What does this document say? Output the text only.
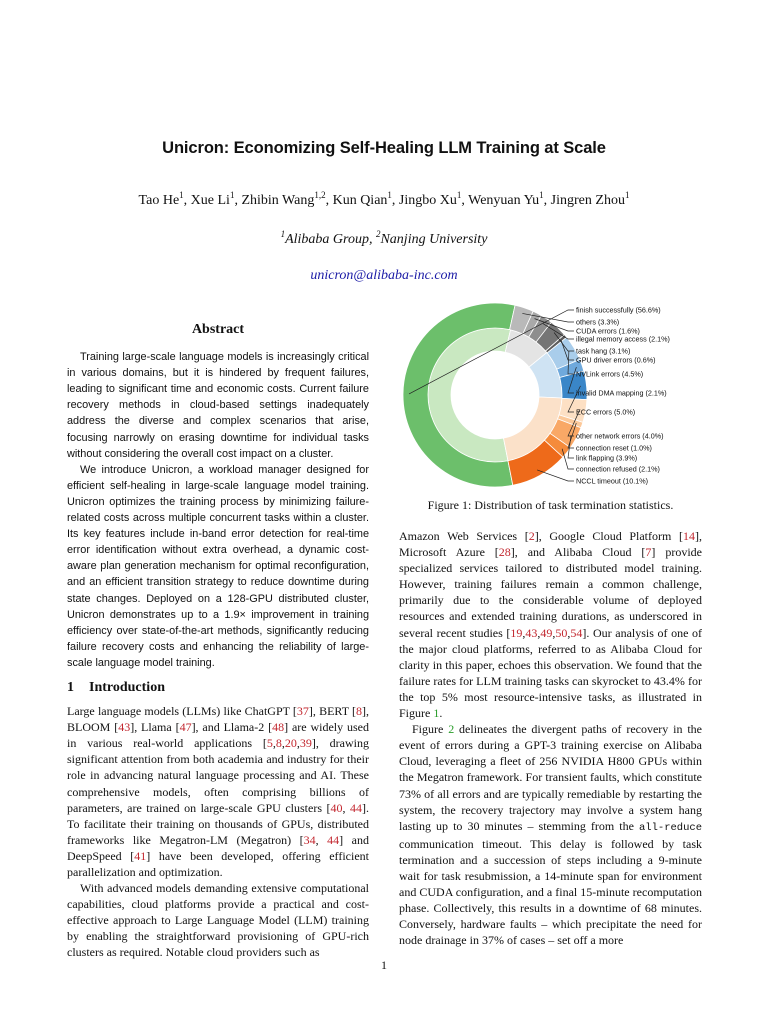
Unicron: Economizing Self-Healing LLM Training at Scale
Tao He$^1$, Xue Li$^1$, Zhibin Wang$^{1,2}$, Kun Qian$^1$, Jingbo Xu$^1$, Wenyuan Yu$^1$, Jingren Zhou$^1$
$^1$Alibaba Group, $^2$Nanjing University
unicron@alibaba-inc.com
Abstract

Training large-scale language models is increasingly critical in various domains, but it is hindered by frequent failures, leading to significant time and economic costs. Current failure recovery methods in cloud-based settings inadequately address the diverse and complex scenarios that arise, focusing narrowly on erasing downtime for individual tasks without considering the overall cost impact on a cluster.

We introduce Unicron, a workload manager designed for efficient self-healing in large-scale language model training. Unicron optimizes the training process by minimizing failure-related costs across multiple concurrent tasks within a cluster. Its key features include in-band error detection for real-time error identification without extra overhead, a dynamic cost-aware plan generation mechanism for optimal reconfiguration, and an efficient transition strategy to reduce downtime during state changes. Deployed on a 128-GPU distributed cluster, Unicron demonstrates up to a 1.9× improvement in training efficiency over state-of-the-art methods, significantly reducing failure recovery costs and enhancing the reliability of large-scale language model training.

1 Introduction

Large language models (LLMs) like ChatGPT [37], BERT [8], BLOOM [43], Llama [47], and Llama-2 [48] are widely used in various real-world applications [5,8,20,39], drawing significant attention from both academia and industry for their role in advancing natural language processing and AI. These comprehensive models, often comprising billions of parameters, are trained on large-scale GPU clusters [40, 44]. To facilitate their training on thousands of GPUs, distributed frameworks like Megatron-LM (Megatron) [34, 44] and DeepSpeed [41] have been developed, offering efficient parallelization and optimization.

With advanced models demanding extensive computational capabilities, cloud platforms provide a practical and cost-effective approach to Large Language Model (LLM) training by enabling the straightforward provisioning of GPU-rich clusters as required. Notable cloud providers such as

finish successfully (56.6%)
others (3.3%)
CUDA errors (1.6%)
illegal memory access (2.1%)
task hang (3.1%)
GPU driver errors (0.6%)
NVLink errors (4.5%)
invalid DMA mapping (2.1%)
ECC errors (5.0%)
other network errors (4.0%)
connection reset (1.0%)
link flapping (3.9%)
connection refused (2.1%)
NCCL timeout (10.1%)
Figure 1: Distribution of task termination statistics.

Amazon Web Services [2], Google Cloud Platform [14], Microsoft Azure [28], and Alibaba Cloud [7] provide specialized services tailored to distributed model training. However, training failures remain a common challenge, primarily due to the considerable volume of deployed resources and extended training durations, as underscored in several recent studies [19,43,49,50,54]. Our analysis of one of the major cloud platforms, referred to as Alibaba Cloud for clarity in this paper, echoes this observation. We found that the failure rates for LLM training tasks can skyrocket to 43.4% for the top 5% most resource-intensive tasks, as illustrated in Figure 1.

Figure 2 delineates the divergent paths of recovery in the event of errors during a GPT-3 training exercise on Alibaba Cloud, leveraging a fleet of 256 NVIDIA H800 GPUs within the Megatron framework. For transient faults, which constitute 73% of all errors and are typically remediable by restarting the system, the recovery trajectory may involve a system hang lasting up to 30 minutes – stemming from the all-reduce communication timeout. This delay is followed by task termination and a succession of steps including a 9-minute wait for task resubmission, a 14-minute span for environment and CUDA configuration, and a final 15-minute recomputation phase. Collectively, this results in a downtime of 68 minutes. Conversely, hardware faults – which precipitate the need for node drainage in 37% of cases – set off a more

1
